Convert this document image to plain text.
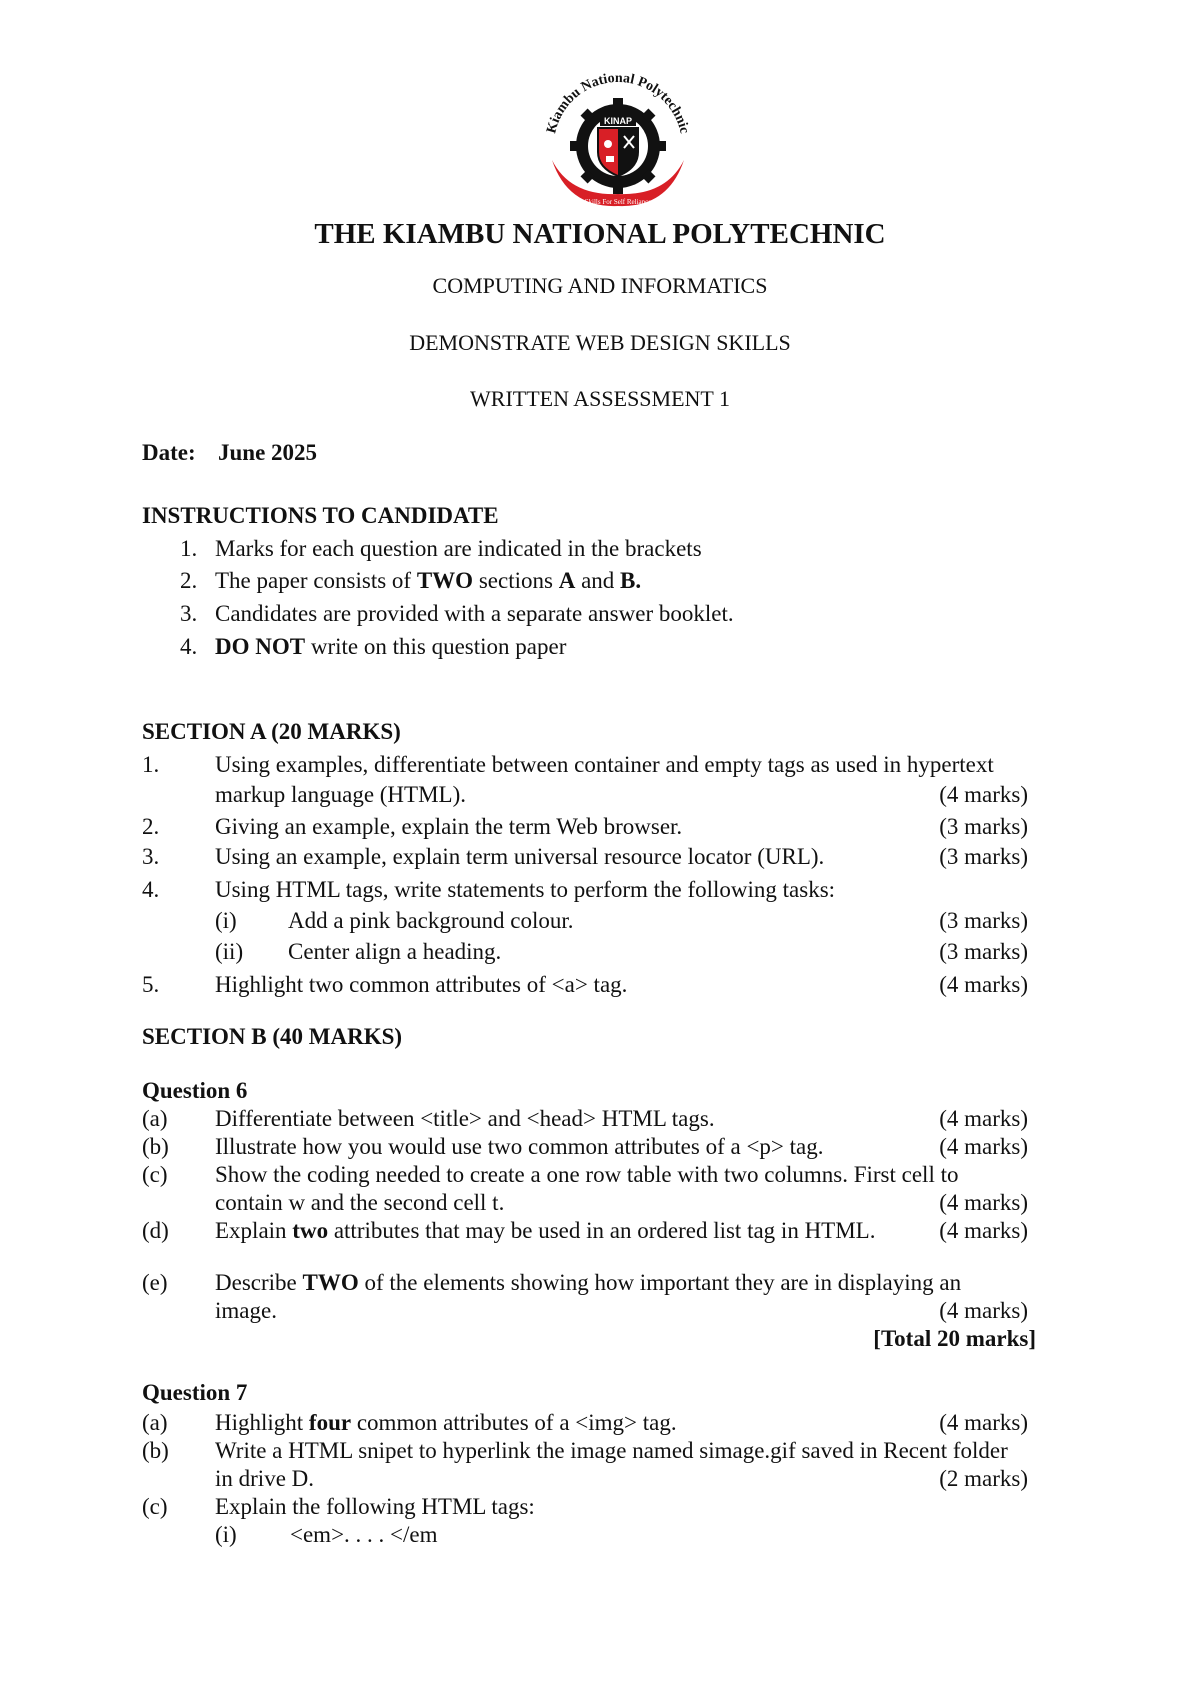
Kiambu National Polytechnic
KINAP
Skills For Self Reliance
THE KIAMBU NATIONAL POLYTECHNIC
COMPUTING AND INFORMATICS
DEMONSTRATE WEB DESIGN SKILLS
WRITTEN ASSESSMENT 1
Date: June 2025
INSTRUCTIONS TO CANDIDATE
1. Marks for each question are indicated in the brackets
2. The paper consists of TWO sections A and B.
3. Candidates are provided with a separate answer booklet.
4. DO NOT write on this question paper
SECTION A (20 MARKS)
1. Using examples, differentiate between container and empty tags as used in hypertext
markup language (HTML).	(4 marks)
2. Giving an example, explain the term Web browser.	(3 marks)
3. Using an example, explain term universal resource locator (URL).	(3 marks)
4. Using HTML tags, write statements to perform the following tasks:
(i) Add a pink background colour.	(3 marks)
(ii) Center align a heading.	(3 marks)
5. Highlight two common attributes of <a> tag.	(4 marks)
SECTION B (40 MARKS)
Question 6
(a) Differentiate between <title> and <head> HTML tags.	(4 marks)
(b) Illustrate how you would use two common attributes of a <p> tag.	(4 marks)
(c) Show the coding needed to create a one row table with two columns. First cell to
contain w and the second cell t.	(4 marks)
(d) Explain two attributes that may be used in an ordered list tag in HTML.	(4 marks)
(e) Describe TWO of the elements showing how important they are in displaying an
image.	(4 marks)
[Total 20 marks]
Question 7
(a) Highlight four common attributes of a <img> tag.	(4 marks)
(b) Write a HTML snipet to hyperlink the image named simage.gif saved in Recent folder
in drive D.	(2 marks)
(c) Explain the following HTML tags:
(i) <em>. . . . </em
